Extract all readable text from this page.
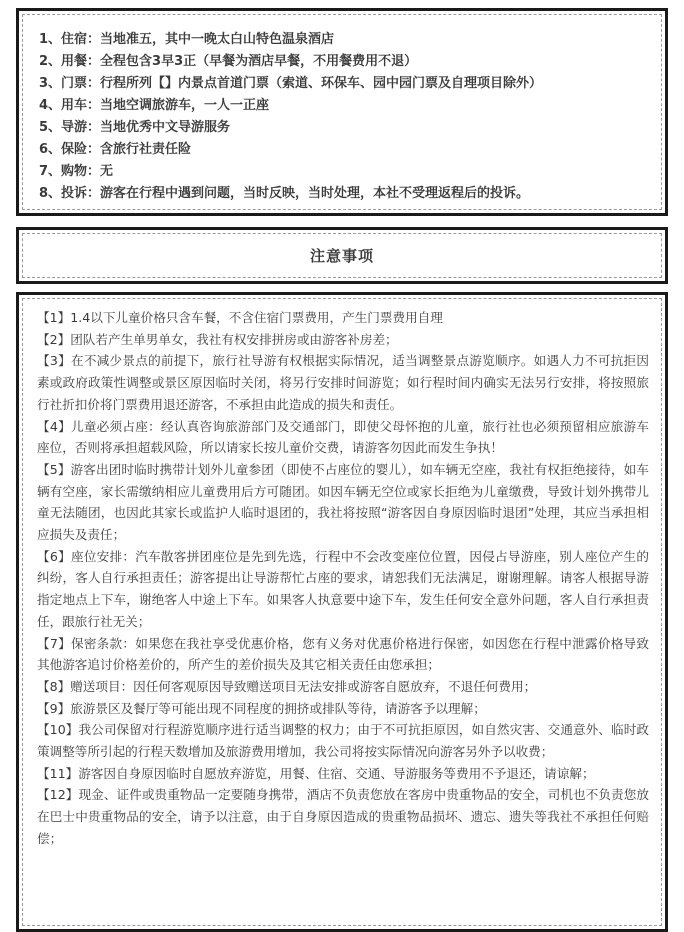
1、住宿：当地准五，其中一晚太白山特色温泉酒店
2、用餐：全程包含3早3正（早餐为酒店早餐，不用餐费用不退）
3、门票：行程所列【】内景点首道门票（索道、环保车、园中园门票及自理项目除外）
4、用车：当地空调旅游车，一人一正座
5、导游：当地优秀中文导游服务
6、保险：含旅行社责任险
7、购物：无
8、投诉：游客在行程中遇到问题，当时反映，当时处理，本社不受理返程后的投诉。
注意事项
【1】1.4以下儿童价格只含车餐，不含住宿门票费用，产生门票费用自理
【2】团队若产生单男单女，我社有权安排拼房或由游客补房差；
【3】在不减少景点的前提下，旅行社导游有权根据实际情况，适当调整景点游览顺序。如遇人力不可抗拒因素或政府政策性调整或景区原因临时关闭，将另行安排时间游览；如行程时间内确实无法另行安排，将按照旅行社折扣价将门票费用退还游客，不承担由此造成的损失和责任。
【4】儿童必须占座：经认真咨询旅游部门及交通部门，即使父母怀抱的儿童，旅行社也必须预留相应旅游车座位，否则将承担超载风险，所以请家长按儿童价交费，请游客勿因此而发生争执！
【5】游客出团时临时携带计划外儿童参团（即使不占座位的婴儿），如车辆无空座，我社有权拒绝接待，如车辆有空座，家长需缴纳相应儿童费用后方可随团。如因车辆无空位或家长拒绝为儿童缴费，导致计划外携带儿童无法随团，也因此其家长或监护人临时退团的，我社将按照“游客因自身原因临时退团”处理，其应当承担相应损失及责任；
【6】座位安排：汽车散客拼团座位是先到先选，行程中不会改变座位位置，因侵占导游座，别人座位产生的纠纷，客人自行承担责任；游客提出让导游帮忙占座的要求，请恕我们无法满足，谢谢理解。请客人根据导游指定地点上下车，谢绝客人中途上下车。如果客人执意要中途下车，发生任何安全意外问题，客人自行承担责任，跟旅行社无关；
【7】保密条款：如果您在我社享受优惠价格，您有义务对优惠价格进行保密，如因您在行程中泄露价格导致其他游客追讨价格差价的，所产生的差价损失及其它相关责任由您承担；
【8】赠送项目：因任何客观原因导致赠送项目无法安排或游客自愿放弃，不退任何费用；
【9】旅游景区及餐厅等可能出现不同程度的拥挤或排队等待，请游客予以理解；
【10】我公司保留对行程游览顺序进行适当调整的权力；由于不可抗拒原因，如自然灾害、交通意外、临时政策调整等所引起的行程天数增加及旅游费用增加，我公司将按实际情况向游客另外予以收费；
【11】游客因自身原因临时自愿放弃游览，用餐、住宿、交通、导游服务等费用不予退还，请谅解；
【12】现金、证件或贵重物品一定要随身携带，酒店不负责您放在客房中贵重物品的安全，司机也不负责您放在巴士中贵重物品的安全，请予以注意，由于自身原因造成的贵重物品损坏、遗忘、遗失等我社不承担任何赔偿；
